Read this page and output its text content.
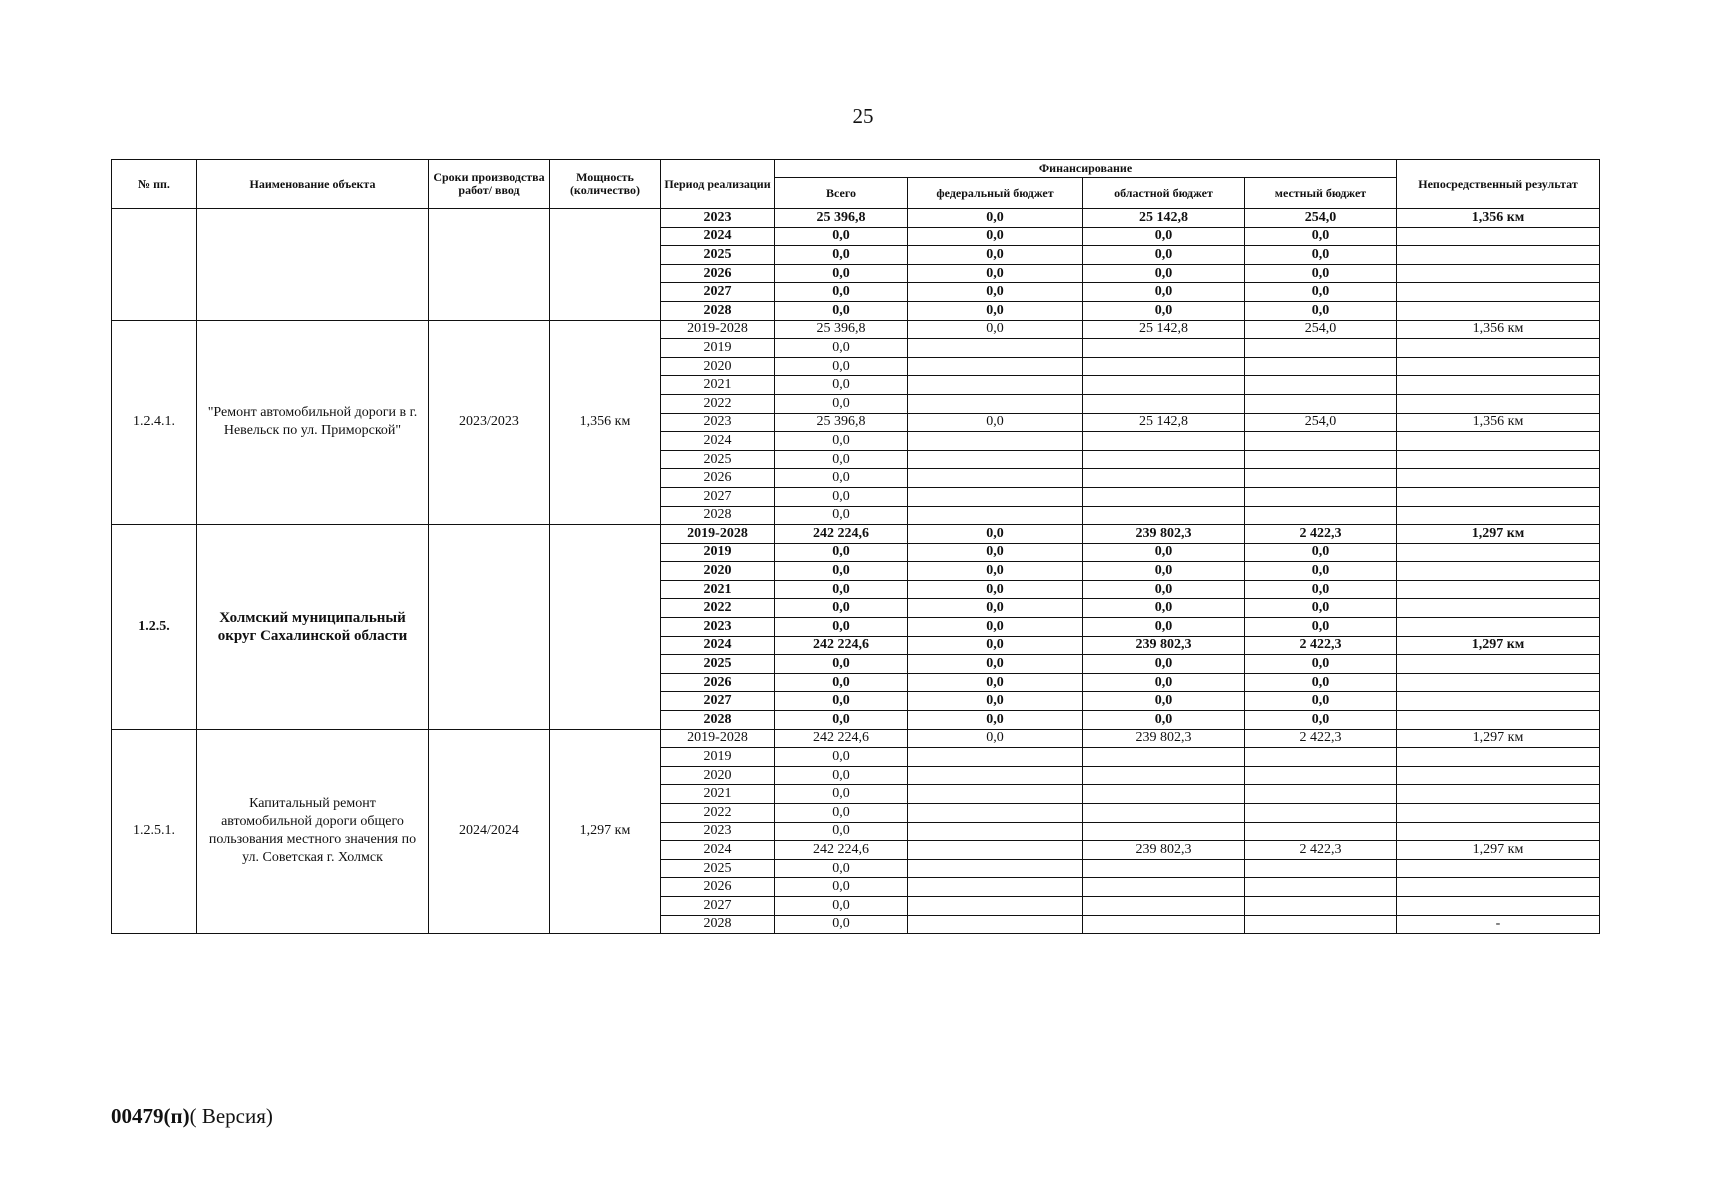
25
№ пп.	Наименование объекта	Сроки производства работ/ ввод	Мощность (количество)	Период реализации	Финансирование				Непосредственный результат
					Всего	федеральный бюджет	областной бюджет	местный бюджет	
				2023	25 396,8	0,0	25 142,8	254,0	1,356 км
				2024	0,0	0,0	0,0	0,0	
				2025	0,0	0,0	0,0	0,0	
				2026	0,0	0,0	0,0	0,0	
				2027	0,0	0,0	0,0	0,0	
				2028	0,0	0,0	0,0	0,0	
1.2.4.1.	"Ремонт автомобильной дороги в г. Невельск по ул. Приморской"	2023/2023	1,356 км	2019-2028	25 396,8	0,0	25 142,8	254,0	1,356 км
				2019	0,0				
				2020	0,0				
				2021	0,0				
				2022	0,0				
				2023	25 396,8	0,0	25 142,8	254,0	1,356 км
				2024	0,0				
				2025	0,0				
				2026	0,0				
				2027	0,0				
				2028	0,0				
1.2.5.	Холмский муниципальный округ Сахалинской области			2019-2028	242 224,6	0,0	239 802,3	2 422,3	1,297 км
				2019	0,0	0,0	0,0	0,0	
				2020	0,0	0,0	0,0	0,0	
				2021	0,0	0,0	0,0	0,0	
				2022	0,0	0,0	0,0	0,0	
				2023	0,0	0,0	0,0	0,0	
				2024	242 224,6	0,0	239 802,3	2 422,3	1,297 км
				2025	0,0	0,0	0,0	0,0	
				2026	0,0	0,0	0,0	0,0	
				2027	0,0	0,0	0,0	0,0	
				2028	0,0	0,0	0,0	0,0	
1.2.5.1.	Капитальный ремонт автомобильной дороги общего пользования местного значения по ул. Советская г. Холмск	2024/2024	1,297 км	2019-2028	242 224,6	0,0	239 802,3	2 422,3	1,297 км
				2019	0,0				
				2020	0,0				
				2021	0,0				
				2022	0,0				
				2023	0,0				
				2024	242 224,6		239 802,3	2 422,3	1,297 км
				2025	0,0				
				2026	0,0				
				2027	0,0				
				2028	0,0				-
00479(п)( Версия)
